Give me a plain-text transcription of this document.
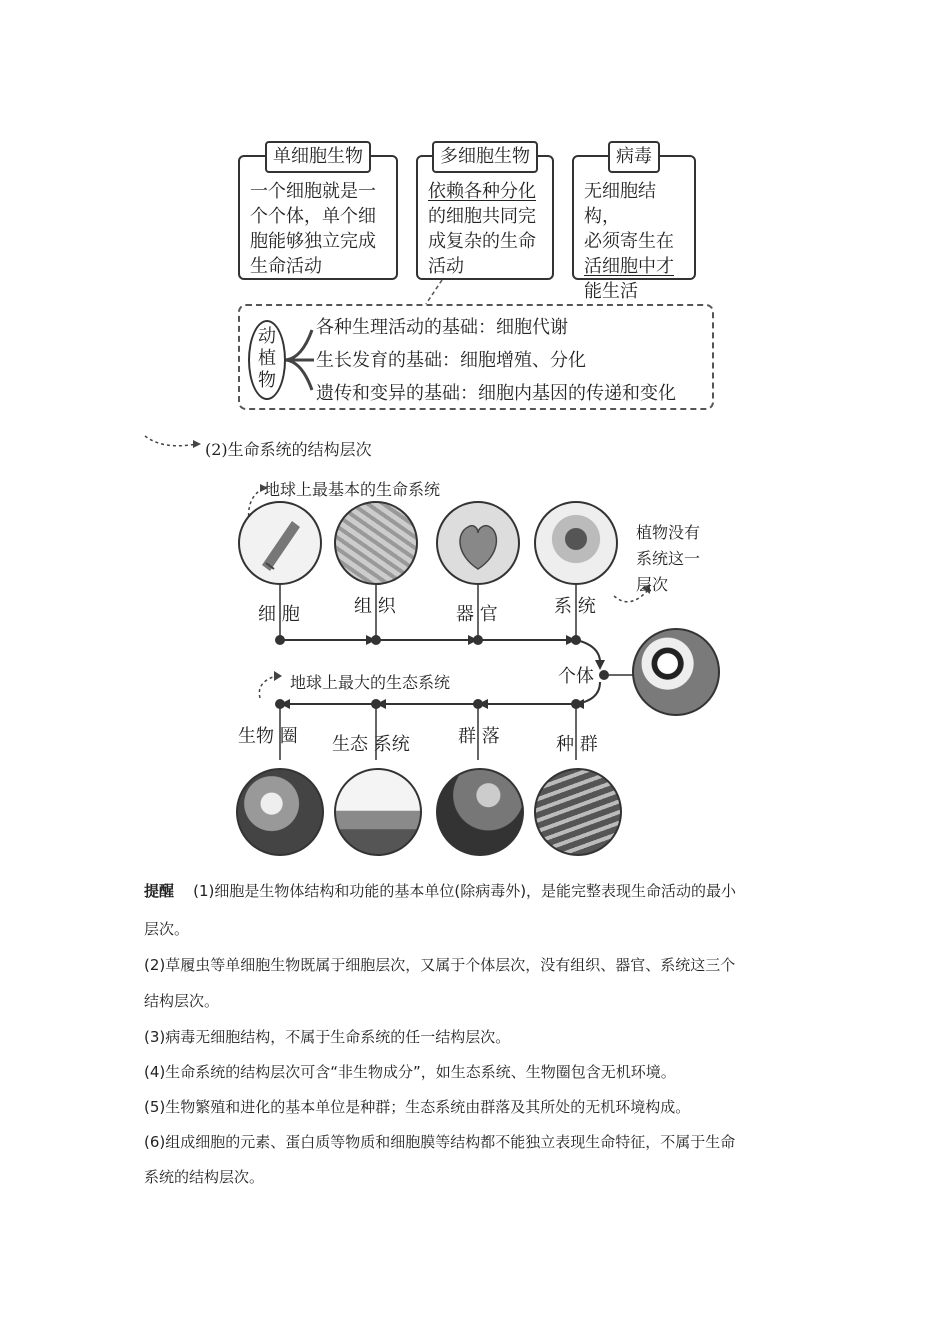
单细胞生物
一个细胞就是一
个个体，单个细
胞能够独立完成
生命活动
多细胞生物
依赖各种分化
的细胞共同完
成复杂的生命
活动
病毒
无细胞结构，
必须寄生在
活细胞中才
能生活
动
植
物
各种生理活动的基础：细胞代谢
生长发育的基础：细胞增殖、分化
遗传和变异的基础：细胞内基因的传递和变化
(2)生命系统的结构层次
地球上最基本的生命系统
植物没有
系统这一
层次
地球上最大的生态系统
细 胞	组 织	器 官	系 统
个体
生物 圈 生态 系统	群 落	种 群
提醒 (1)细胞是生物体结构和功能的基本单位(除病毒外)，是能完整表现生命活动的最小
层次。
(2)草履虫等单细胞生物既属于细胞层次，又属于个体层次，没有组织、器官、系统这三个
结构层次。
(3)病毒无细胞结构，不属于生命系统的任一结构层次。
(4)生命系统的结构层次可含“非生物成分”，如生态系统、生物圈包含无机环境。
(5)生物繁殖和进化的基本单位是种群；生态系统由群落及其所处的无机环境构成。
(6)组成细胞的元素、蛋白质等物质和细胞膜等结构都不能独立表现生命特征，不属于生命
系统的结构层次。
